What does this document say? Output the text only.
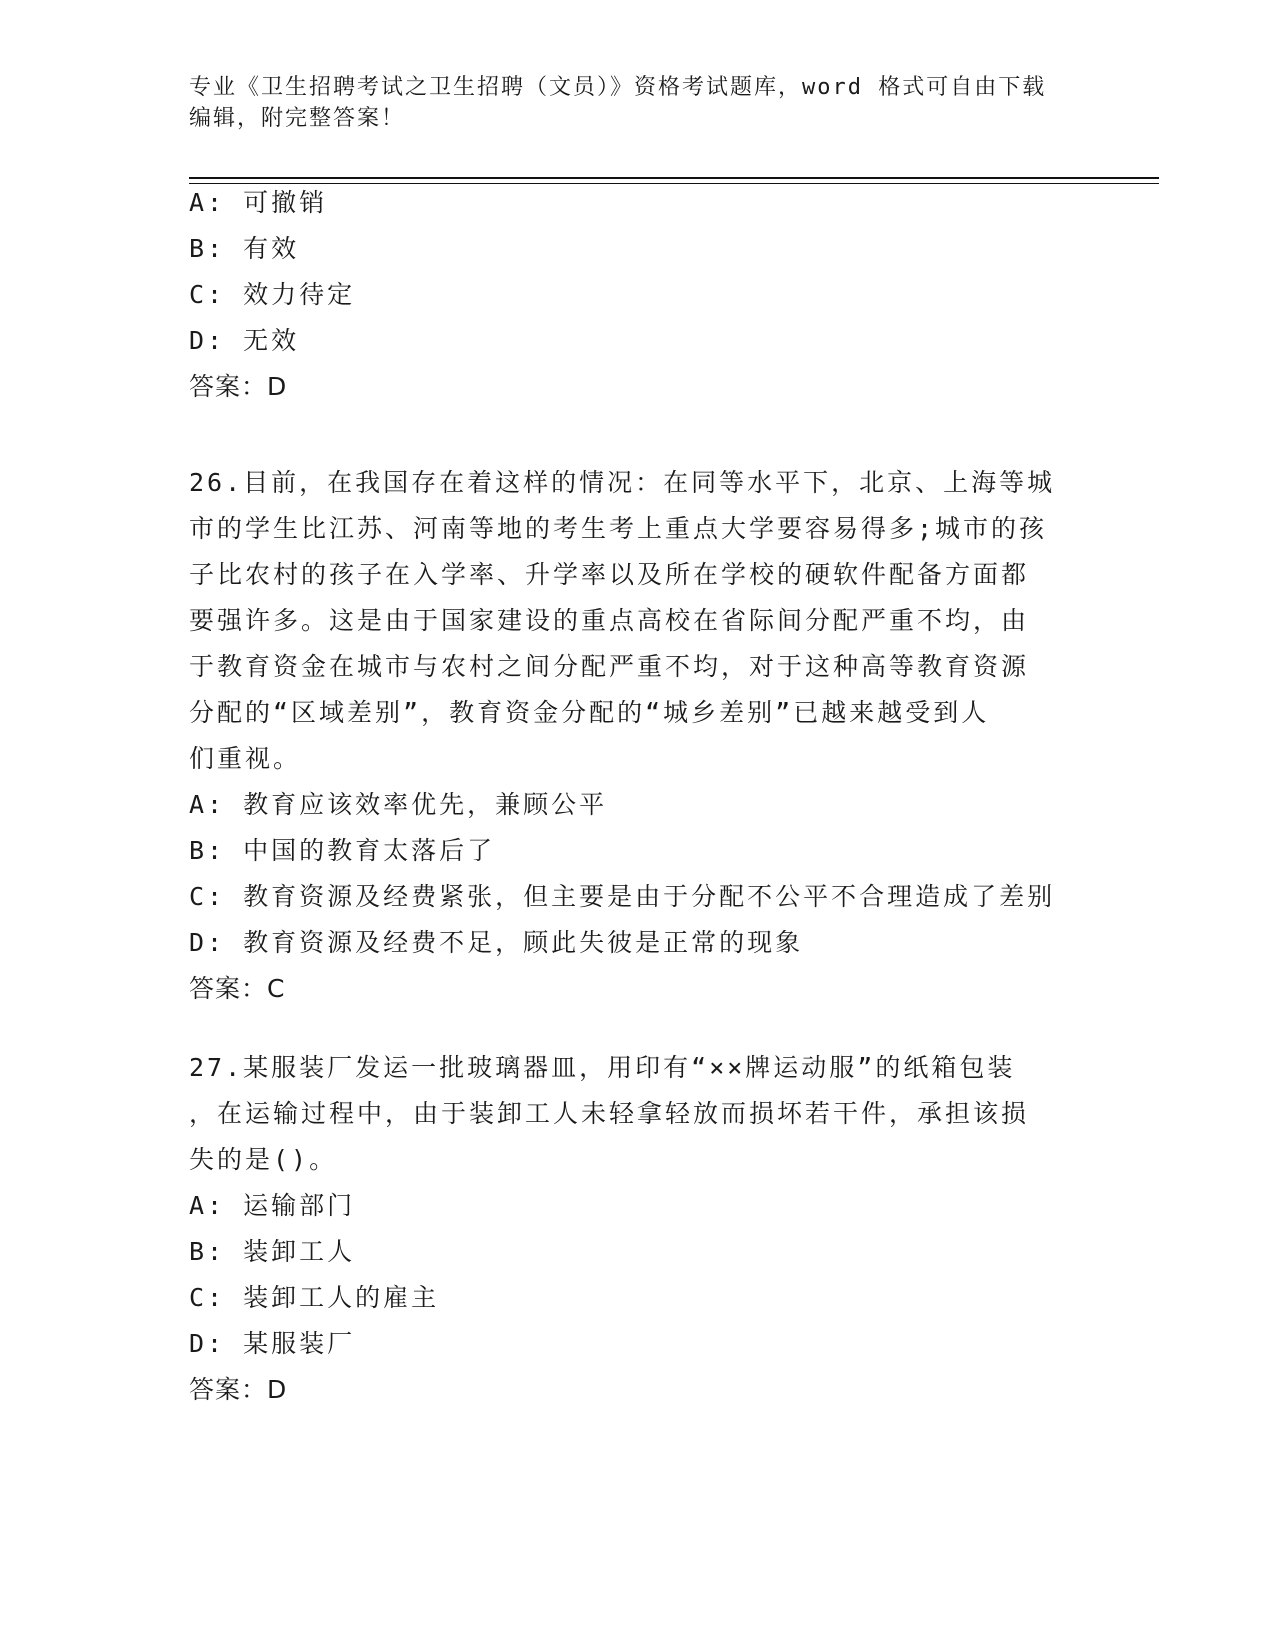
专业《卫生招聘考试之卫生招聘（文员）》资格考试题库，word 格式可自由下载
编辑，附完整答案！
A: 可撤销
B: 有效
C: 效力待定
D: 无效
答案：D
26.目前，在我国存在着这样的情况：在同等水平下，北京、上海等城
市的学生比江苏、河南等地的考生考上重点大学要容易得多;城市的孩
子比农村的孩子在入学率、升学率以及所在学校的硬软件配备方面都
要强许多。这是由于国家建设的重点高校在省际间分配严重不均，由
于教育资金在城市与农村之间分配严重不均，对于这种高等教育资源
分配的“区域差别”，教育资金分配的“城乡差别”已越来越受到人
们重视。
A: 教育应该效率优先，兼顾公平
B: 中国的教育太落后了
C: 教育资源及经费紧张，但主要是由于分配不公平不合理造成了差别
D: 教育资源及经费不足，顾此失彼是正常的现象
答案：C
27.某服装厂发运一批玻璃器皿，用印有“××牌运动服”的纸箱包装
，在运输过程中，由于装卸工人未轻拿轻放而损坏若干件，承担该损
失的是()。
A: 运输部门
B: 装卸工人
C: 装卸工人的雇主
D: 某服装厂
答案：D
